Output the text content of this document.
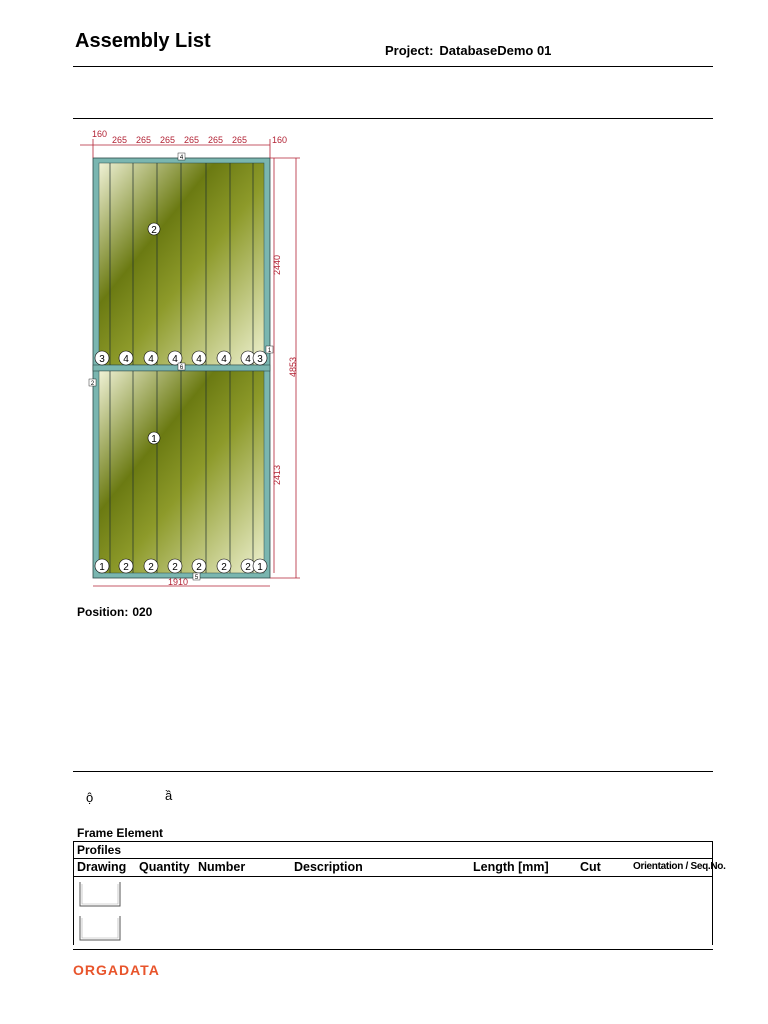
Assembly List	Project: DatabaseDemo 01
160
265 265 265 265 265 265	160
1910
2440
2413
4853
2
1
3 4 4 4 4 4 4 3
1 2 2 2 2 2 2 1
4
6
1
2
5
Position: 020
ộ	ầ
Frame Element
Profiles
Drawing Quantity Number	Description	Length [mm]	Cut	Orientation / Seq.No.
ORGADATA
